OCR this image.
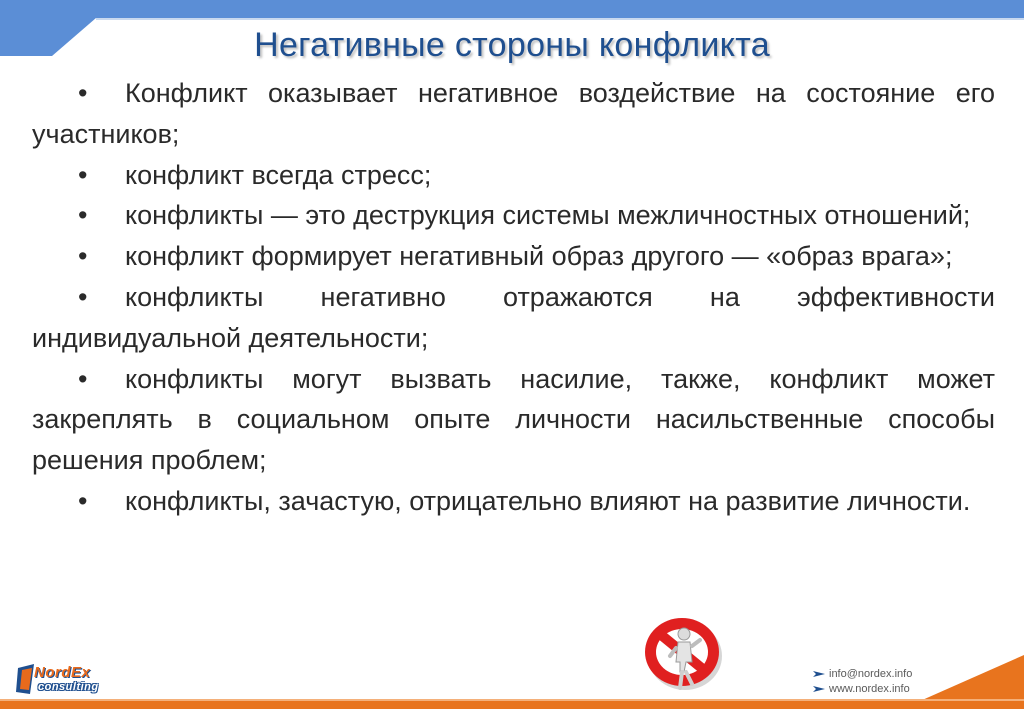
Негативные стороны конфликта

• Конфликт оказывает негативное воздействие на состояние его участников;

• конфликт всегда стресс;

• конфликты — это деструкция системы межличностных отношений;

• конфликт формирует негативный образ другого — «образ врага»;

• конфликты негативно отражаются на эффективности индивидуальной деятельности;

• конфликты могут вызвать насилие, также, конфликт может закреплять в социальном опыте личности насильственные способы решения проблем;

• конфликты, зачастую, отрицательно влияют на развитие личности.

NordEx
consulting
info@nordex.info
www.nordex.info
